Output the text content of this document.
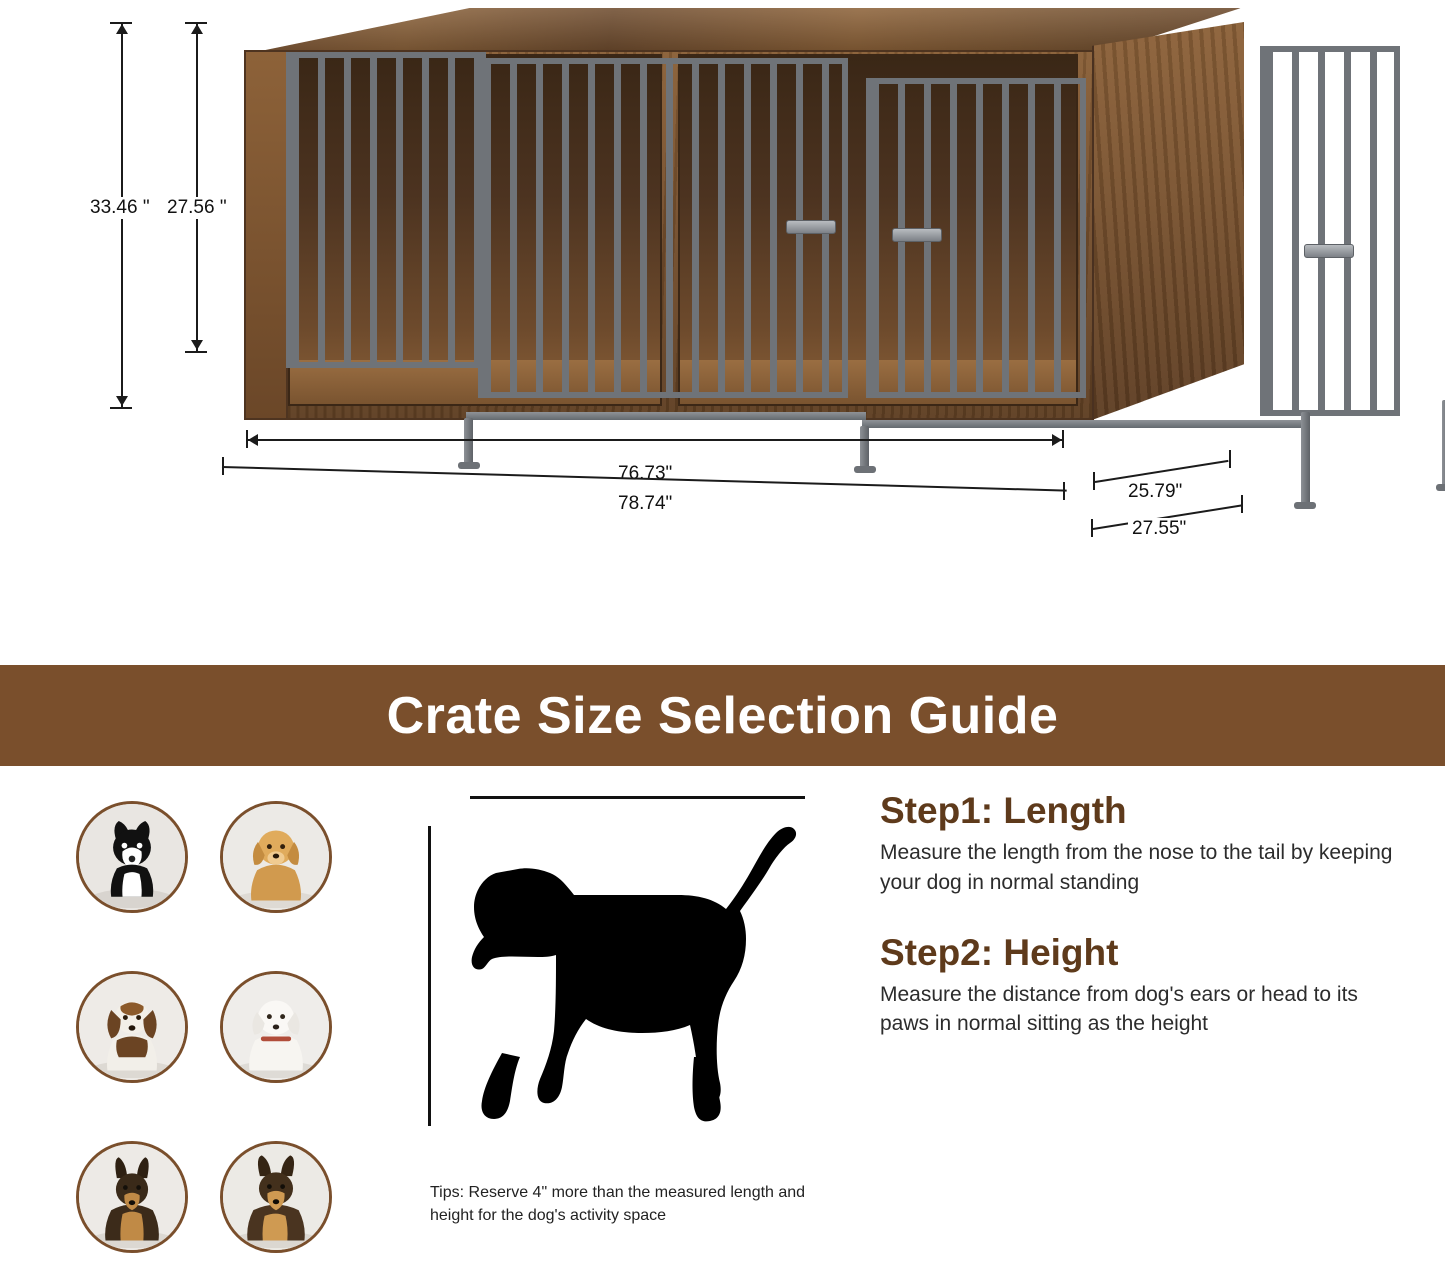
33.46 " 27.56 "
76.73"
78.74"
25.79"
27.55"
Crate Size Selection Guide
Tips: Reserve 4" more than the measured length and height for the dog's activity space
Step1: Length

Measure the length from the nose to the tail by keeping your dog in normal standing

Step2: Height

Measure the distance from dog's ears or head to its paws in normal sitting as the height
